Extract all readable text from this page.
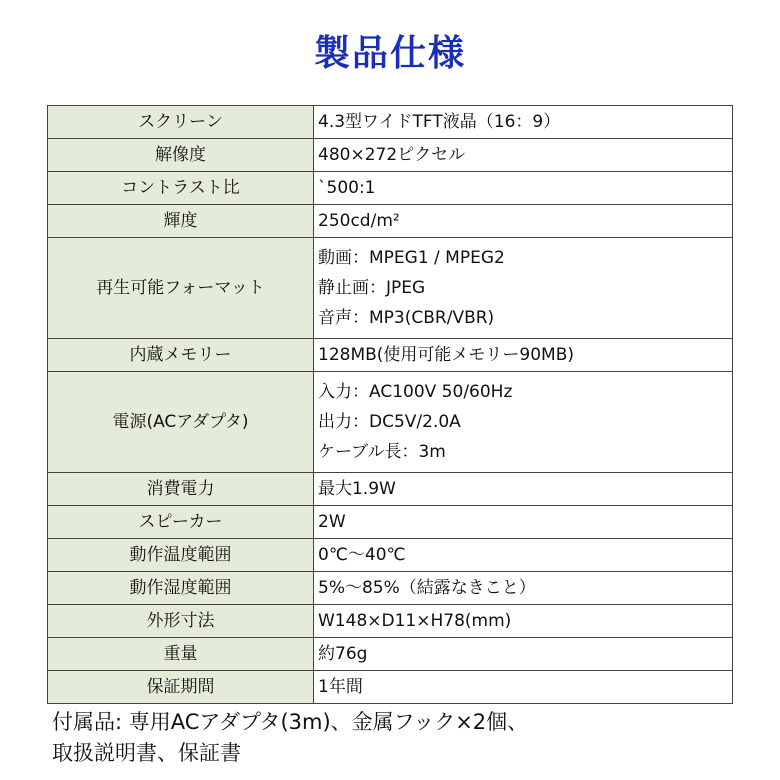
製品仕様
スクリーン	4.3型ワイドTFT液晶（16：9）

解像度	480×272ピクセル

コントラスト比	`500:1

輝度	250cd/m²

再生可能フォーマット	動画：MPEG1 / MPEG2
静止画：JPEG
音声：MP3(CBR/VBR)

内蔵メモリー	128MB(使用可能メモリー90MB)

電源(ACアダプタ)	入力：AC100V 50/60Hz
出力：DC5V/2.0A
ケーブル長：3m

消費電力	最大1.9W

スピーカー	2W

動作温度範囲	0℃～40℃

動作湿度範囲	5%～85%（結露なきこと）

外形寸法	W148×D11×H78(mm)

重量	約76g

保証期間	1年間
付属品: 専用ACアダプタ(3m)、金属フック×2個、
取扱説明書、保証書
